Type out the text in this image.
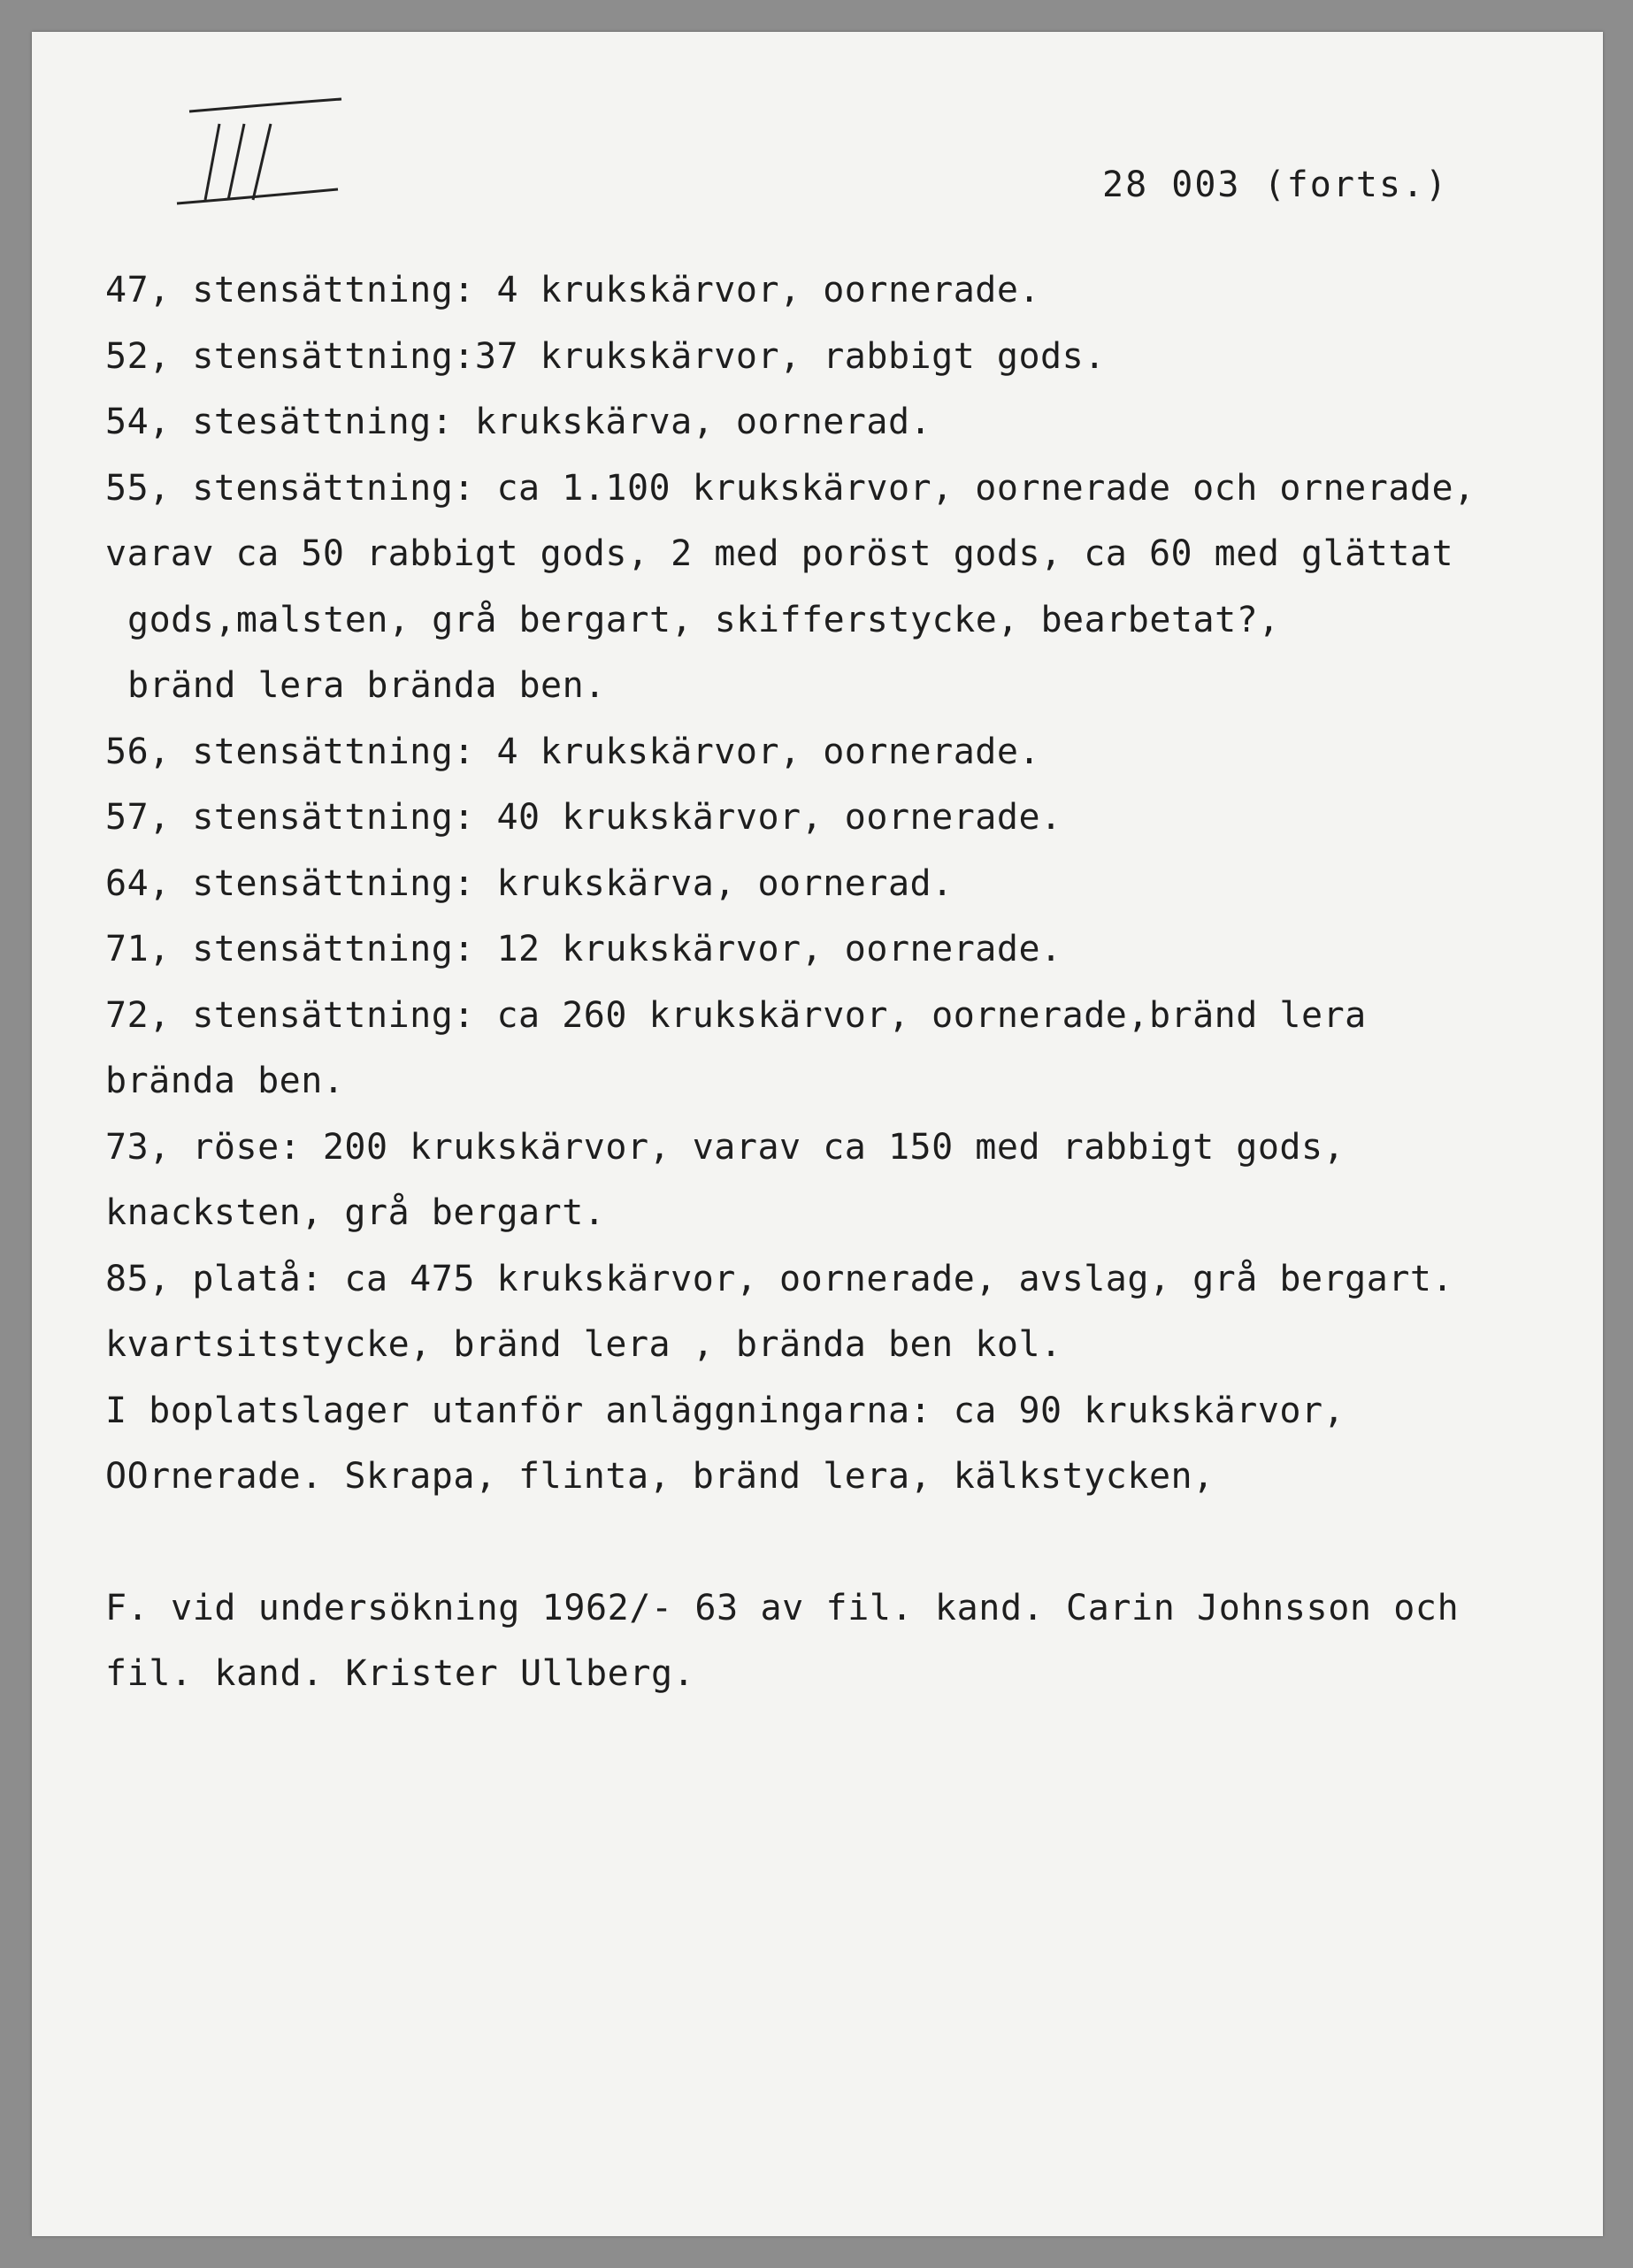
28 003 (forts.)
47, stensättning: 4 krukskärvor, oornerade.
52, stensättning:37 krukskärvor, rabbigt gods.
54, stesättning: krukskärva, oornerad.
55, stensättning: ca 1.100 krukskärvor, oornerade och ornerade,
varav ca 50 rabbigt gods, 2 med poröst gods, ca 60 med glättat
gods,malsten, grå bergart, skifferstycke, bearbetat?,
bränd lera brända ben.
56, stensättning: 4 krukskärvor, oornerade.
57, stensättning: 40 krukskärvor, oornerade.
64, stensättning: krukskärva, oornerad.
71, stensättning: 12 krukskärvor, oornerade.
72, stensättning: ca 260 krukskärvor, oornerade,bränd lera
brända ben.
73, röse: 200 krukskärvor, varav ca 150 med rabbigt gods,
knacksten, grå bergart.
85, platå: ca 475 krukskärvor, oornerade, avslag, grå bergart.
kvartsitstycke, bränd lera , brända ben kol.
I boplatslager utanför anläggningarna: ca 90 krukskärvor,
OOrnerade. Skrapa, flinta, bränd lera, kälkstycken,
F. vid undersökning 1962/- 63 av fil. kand. Carin Johnsson och
fil. kand. Krister Ullberg.
